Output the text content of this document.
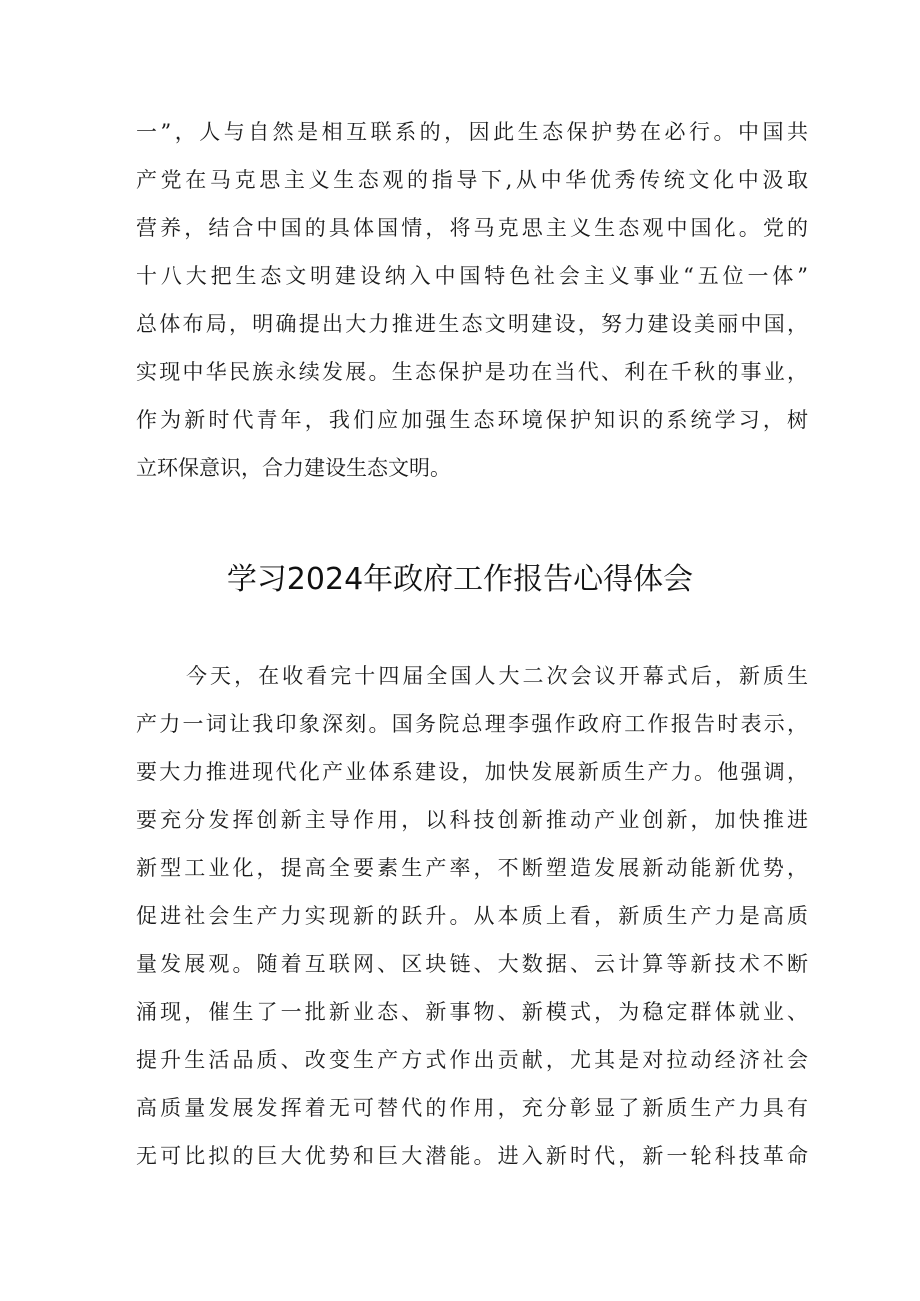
一”，人与自然是相互联系的，因此生态保护势在必行。中国共
产党在马克思主义生态观的指导下,从中华优秀传统文化中汲取
营养，结合中国的具体国情，将马克思主义生态观中国化。党的
十八大把生态文明建设纳入中国特色社会主义事业“五位一体”
总体布局，明确提出大力推进生态文明建设，努力建设美丽中国，
实现中华民族永续发展。生态保护是功在当代、利在千秋的事业，
作为新时代青年，我们应加强生态环境保护知识的系统学习，树
立环保意识，合力建设生态文明。
学习2024年政府工作报告心得体会
今天，在收看完十四届全国人大二次会议开幕式后，新质生
产力一词让我印象深刻。国务院总理李强作政府工作报告时表示，
要大力推进现代化产业体系建设，加快发展新质生产力。他强调，
要充分发挥创新主导作用，以科技创新推动产业创新，加快推进
新型工业化，提高全要素生产率，不断塑造发展新动能新优势，
促进社会生产力实现新的跃升。从本质上看，新质生产力是高质
量发展观。随着互联网、区块链、大数据、云计算等新技术不断
涌现，催生了一批新业态、新事物、新模式，为稳定群体就业、
提升生活品质、改变生产方式作出贡献，尤其是对拉动经济社会
高质量发展发挥着无可替代的作用，充分彰显了新质生产力具有
无可比拟的巨大优势和巨大潜能。进入新时代，新一轮科技革命
